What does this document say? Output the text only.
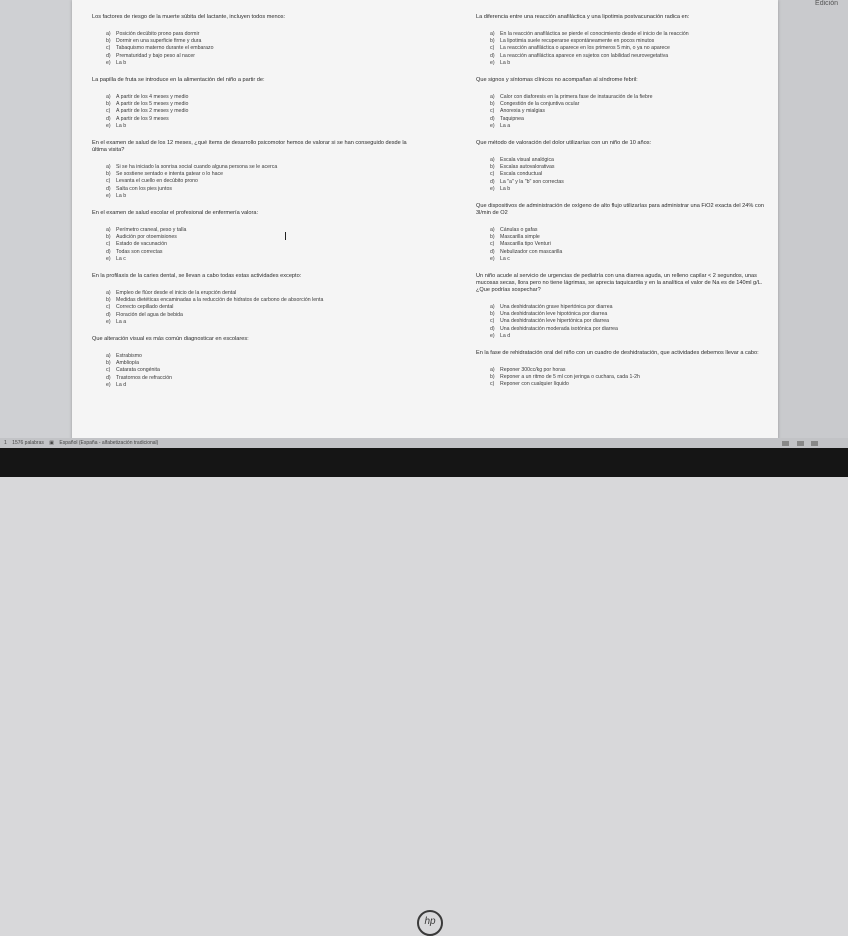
Edición
Los factores de riesgo de la muerte súbita del lactante, incluyen todos menos:
a) Posición decúbito prono para dormir
b) Dormir en una superficie firme y dura
c) Tabaquismo materno durante el embarazo
d) Prematuridad y bajo peso al nacer
e) La b
La papilla de fruta se introduce en la alimentación del niño a partir de:
a) A partir de los 4 meses y medio
b) A partir de los 5 meses y medio
c) A partir de los 2 meses y medio
d) A partir de los 9 meses
e) La b
En el examen de salud de los 12 meses, ¿qué ítems de desarrollo psicomotor hemos de valorar si se han conseguido desde la última visita?
a) Si se ha iniciado la sonrisa social cuando alguna persona se le acerca
b) Se sostiene sentado e intenta gatear o lo hace
c) Levanta el cuello en decúbito prono
d) Salta con los pies juntos
e) La b
En el examen de salud escolar el profesional de enfermería valora:
a) Perímetro craneal, peso y talla
b) Audición por otoemisiones
c) Estado de vacunación
d) Todas son correctas
e) La c
En la profilaxis de la caries dental, se llevan a cabo todas estas actividades excepto:
a) Empleo de flúor desde el inicio de la erupción dental
b) Medidas dietéticas encaminadas a la reducción de hidratos de carbono de absorción lenta
c) Correcto cepillado dental
d) Floración del agua de bebida
e) La a
Que alteración visual es más común diagnosticar en escolares:
a) Estrabismo
b) Ambliopía
c) Catarata congénita
d) Trastornos de refracción
e) La d
La diferencia entre una reacción anafiláctica y una lipotimia postvacunación radica en:
a) En la reacción anafiláctica se pierde el conocimiento desde el inicio de la reacción
b) La lipotimia suele recuperarse espontáneamente en pocos minutos
c) La reacción anafiláctica o aparece en los primeros 5 min, o ya no aparece
d) La reacción anafiláctica aparece en sujetos con labilidad neurovegetativa
e) La b
Que signos y síntomas clínicos no acompañan al síndrome febril:
a) Calor con diaforesis en la primera fase de instauración de la fiebre
b) Congestión de la conjuntiva ocular
c) Anorexia y mialgias
d) Taquipnea
e) La a
Que método de valoración del dolor utilizarías con un niño de 10 años:
a) Escala visual analógica
b) Escalas autovalorativas
c) Escala conductual
d) La "a" y la "b" son correctas
e) La b
Que dispositivos de administración de oxígeno de alto flujo utilizarías para administrar una FiO2 exacta del 24% con 3l/min de O2
a) Cánulas o gafas
b) Mascarilla simple
c) Mascarilla tipo Venturi
d) Nebulizador con mascarilla
e) La c
Un niño acude al servicio de urgencias de pediatría con una diarrea aguda, un relleno capilar < 2 segundos, unas mucosas secas, llora pero no tiene lágrimas, se aprecia taquicardia y en la analítica el valor de Na es de 140ml g/L. ¿Que podrías sospechar?
a) Una deshidratación grave hipertónica por diarrea
b) Una deshidratación leve hipotónica por diarrea
c) Una deshidratación leve hipertónica por diarrea
d) Una deshidratación moderada isotónica por diarrea
e) La d
En la fase de rehidratación oral del niño con un cuadro de deshidratación, que actividades debemos llevar a cabo:
a) Reponer 300cc/kg por horas
b) Reponer a un ritmo de 5 ml con jeringa o cuchara, cada 1-2h
c) Reponer con cualquier líquido
1 1576 palabras ▣ Español (España - alfabetización tradicional)

hp
